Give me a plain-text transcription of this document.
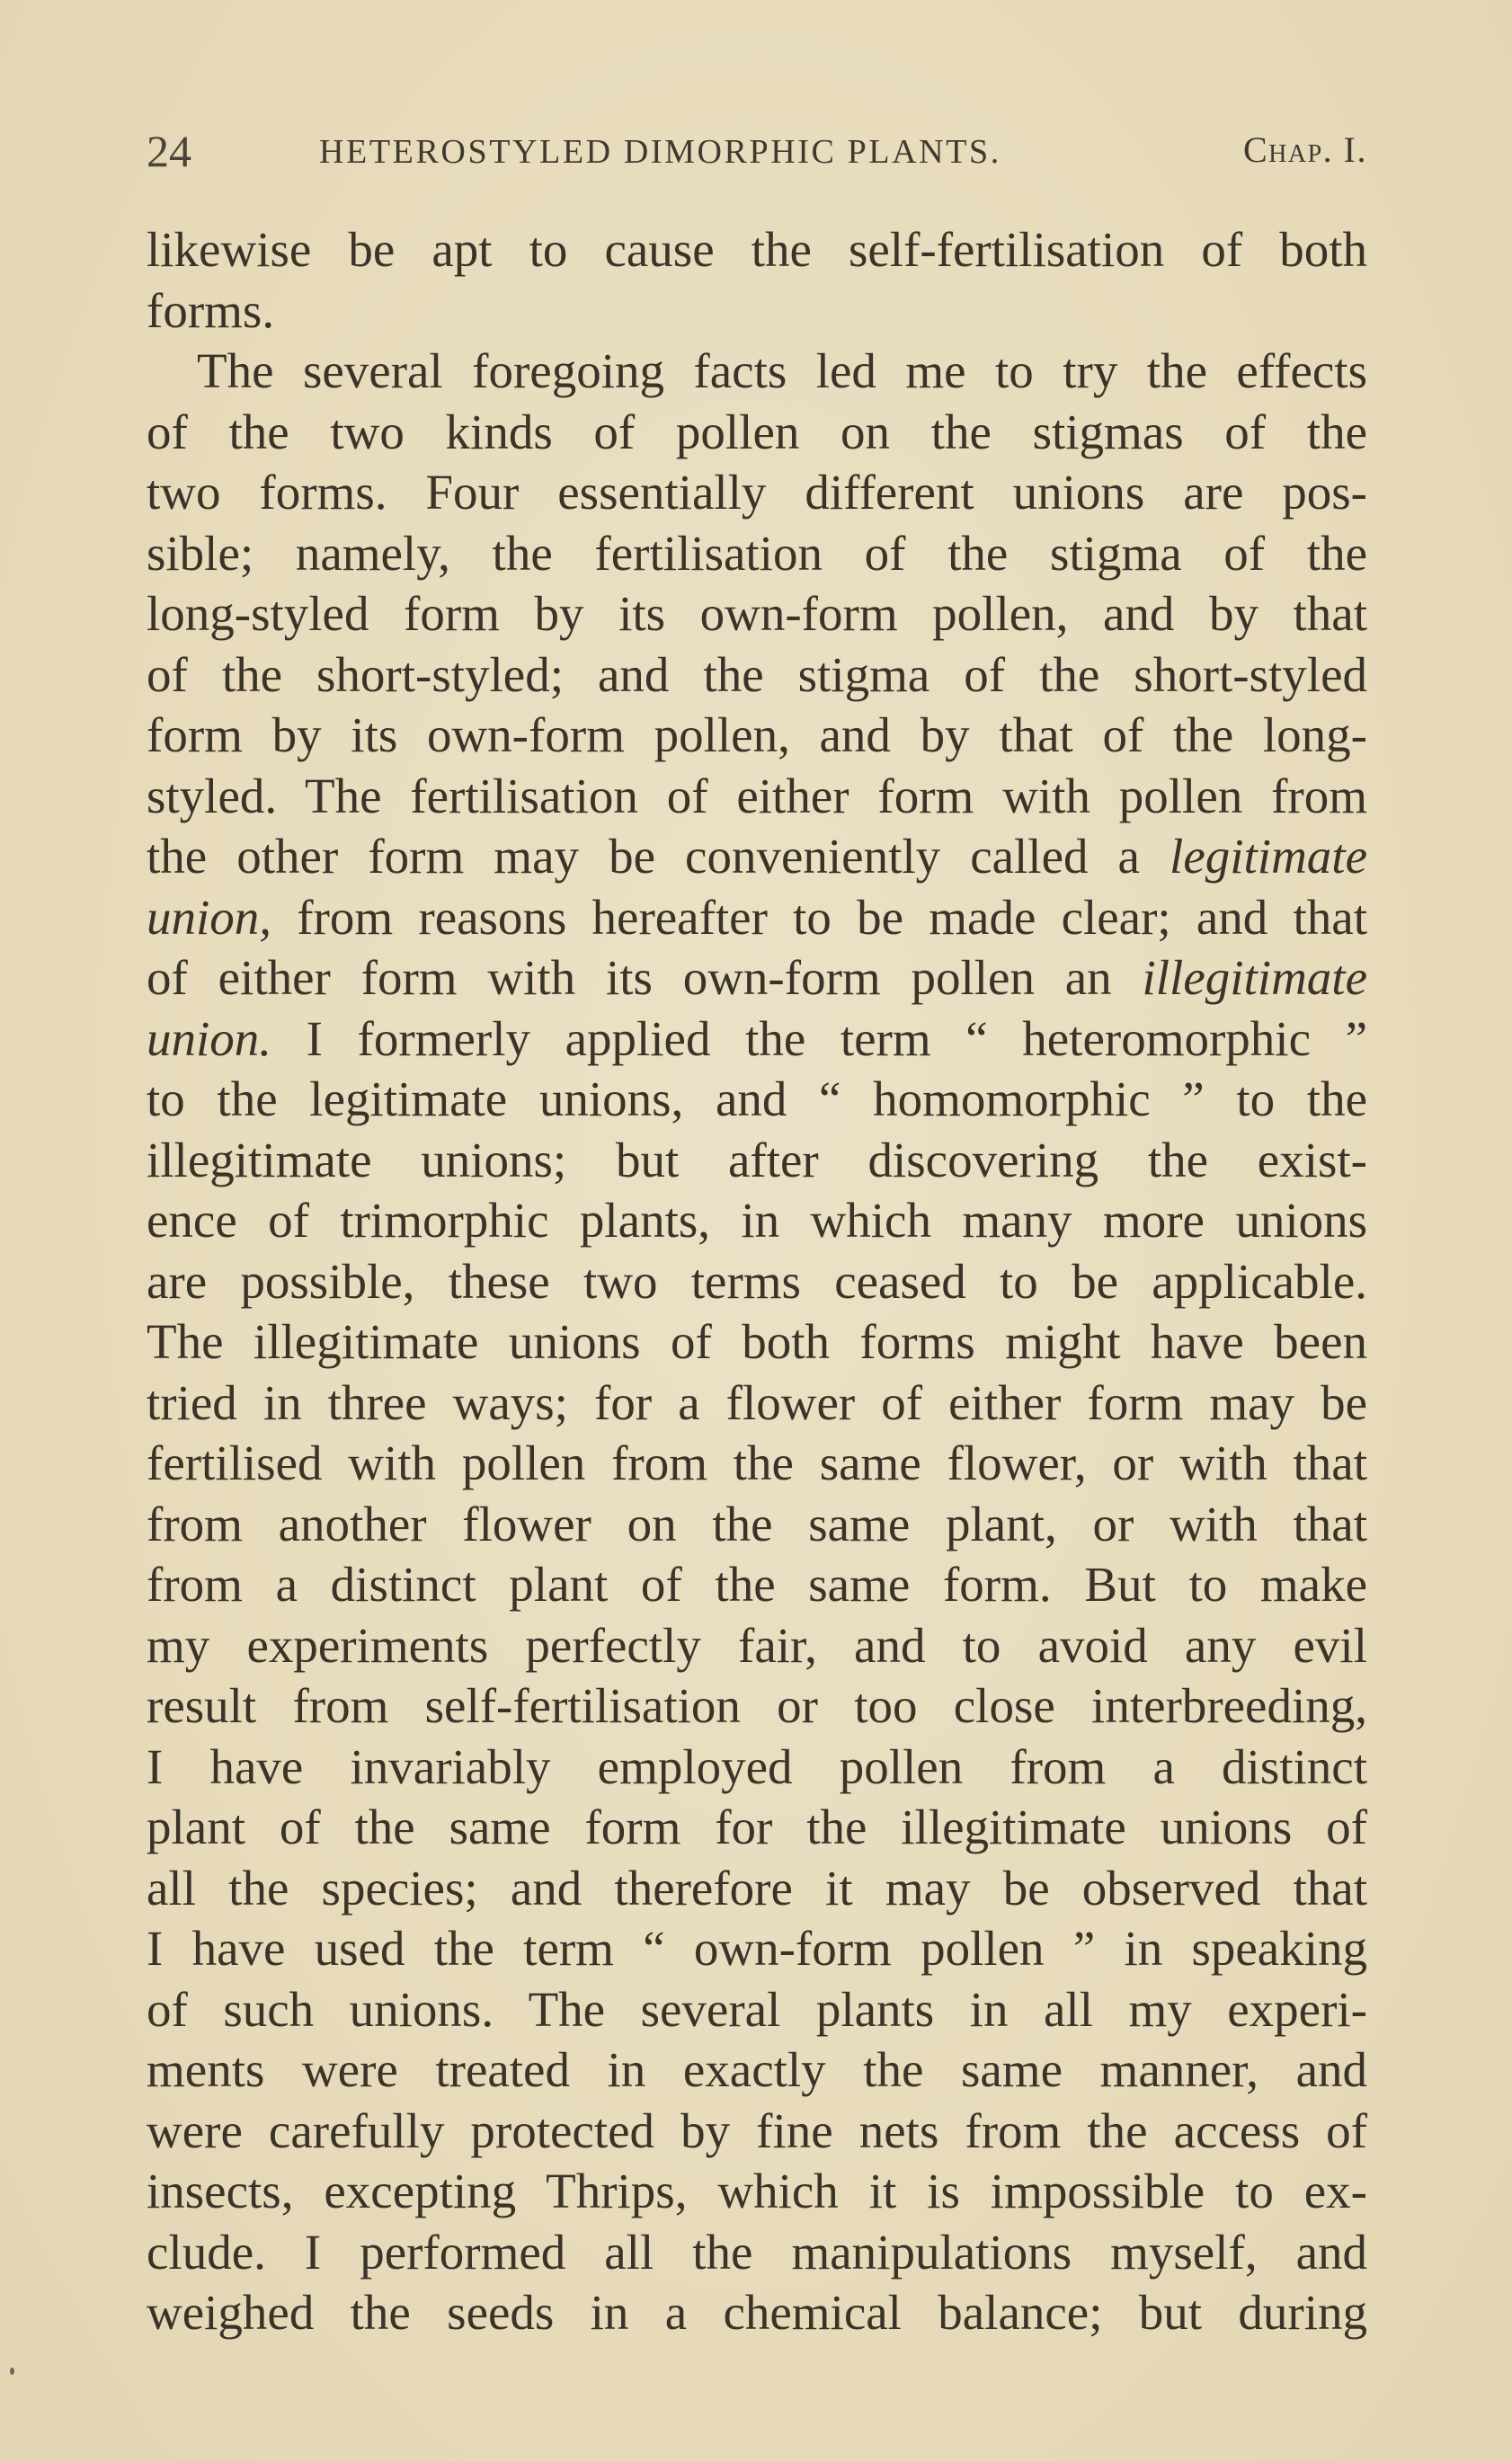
24	HETEROSTYLED DIMORPHIC PLANTS.	Chap. I.
likewise be apt to cause the self-fertilisation of both
forms.
The several foregoing facts led me to try the effects
of the two kinds of pollen on the stigmas of the
two forms. Four essentially different unions are pos-
sible; namely, the fertilisation of the stigma of the
long-styled form by its own-form pollen, and by that
of the short-styled; and the stigma of the short-styled
form by its own-form pollen, and by that of the long-
styled. The fertilisation of either form with pollen from
the other form may be conveniently called a legitimate
union, from reasons hereafter to be made clear; and that
of either form with its own-form pollen an illegitimate
union. I formerly applied the term “ heteromorphic ”
to the legitimate unions, and “ homomorphic ” to the
illegitimate unions; but after discovering the exist-
ence of trimorphic plants, in which many more unions
are possible, these two terms ceased to be applicable.
The illegitimate unions of both forms might have been
tried in three ways; for a flower of either form may be
fertilised with pollen from the same flower, or with that
from another flower on the same plant, or with that
from a distinct plant of the same form. But to make
my experiments perfectly fair, and to avoid any evil
result from self-fertilisation or too close interbreeding,
I have invariably employed pollen from a distinct
plant of the same form for the illegitimate unions of
all the species; and therefore it may be observed that
I have used the term “ own-form pollen ” in speaking
of such unions. The several plants in all my experi-
ments were treated in exactly the same manner, and
were carefully protected by fine nets from the access of
insects, excepting Thrips, which it is impossible to ex-
clude. I performed all the manipulations myself, and
weighed the seeds in a chemical balance; but during
